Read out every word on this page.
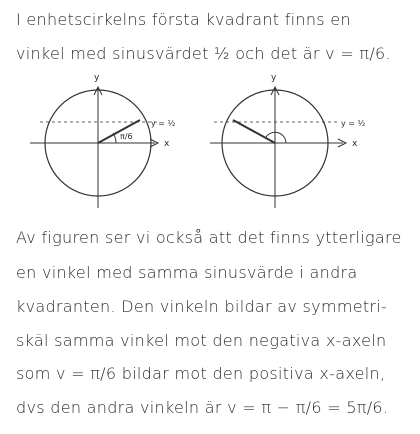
I enhetscirkelns första kvadrant finns en
vinkel med sinusvärdet ½ och det är v = π/6.
y
x
y = ½
π/6
y
x
y = ½
Av figuren ser vi också att det finns ytterligare
en vinkel med samma sinusvärde i andra
kvadranten. Den vinkeln bildar av symmetri-
skäl samma vinkel mot den negativa x-axeln
som v = π/6 bildar mot den positiva x-axeln,
dvs den andra vinkeln är v = π − π/6 = 5π/6.
